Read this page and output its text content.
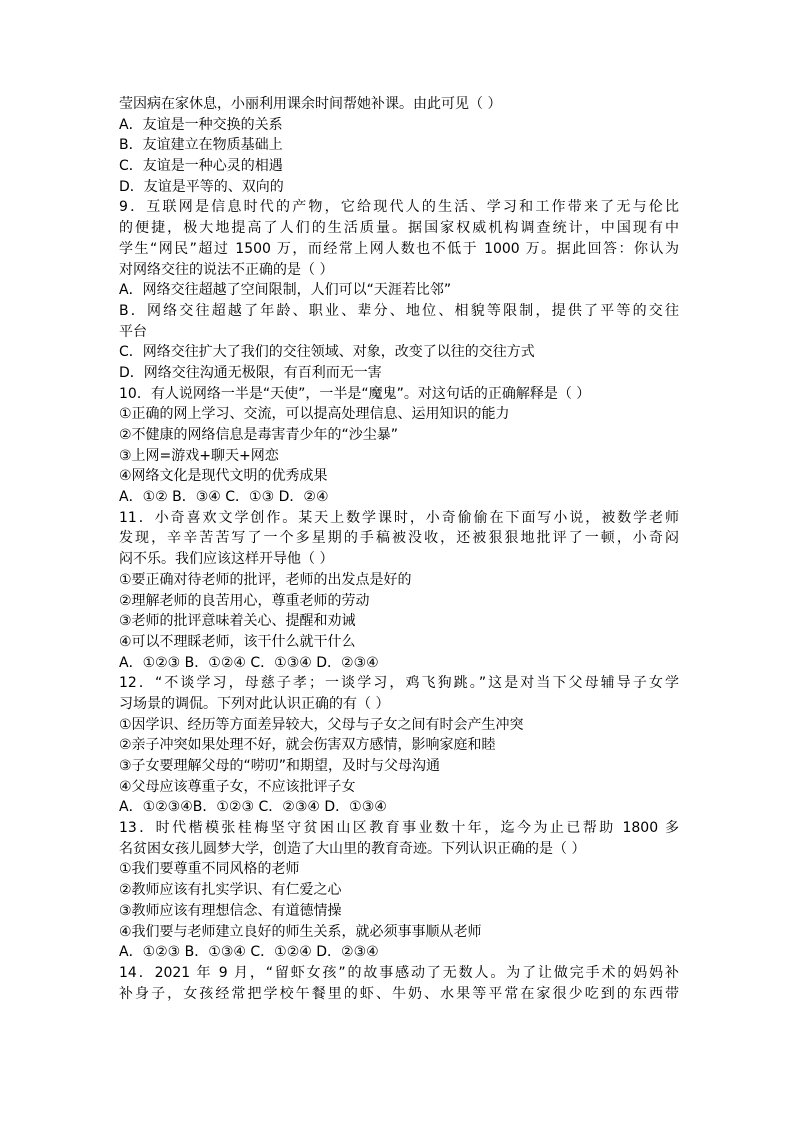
莹因病在家休息，小丽利用课余时间帮她补课。由此可见（ ）
A．友谊是一种交换的关系
B．友谊建立在物质基础上
C．友谊是一种心灵的相遇
D．友谊是平等的、双向的
9．互联网是信息时代的产物，它给现代人的生活、学习和工作带来了无与伦比
的便捷，极大地提高了人们的生活质量。据国家权威机构调查统计，中国现有中
学生“网民”超过 1500 万，而经常上网人数也不低于 1000 万。据此回答：你认为
对网络交往的说法不正确的是（ ）
A．网络交往超越了空间限制，人们可以“天涯若比邻”
B．网络交往超越了年龄、职业、辈分、地位、相貌等限制，提供了平等的交往
平台
C．网络交往扩大了我们的交往领域、对象，改变了以往的交往方式
D．网络交往沟通无极限，有百利而无一害
10．有人说网络一半是“天使”，一半是“魔鬼”。对这句话的正确解释是（ ）
①正确的网上学习、交流，可以提高处理信息、运用知识的能力
②不健康的网络信息是毒害青少年的“沙尘暴”
③上网=游戏+聊天+网恋
④网络文化是现代文明的优秀成果
A．①② B．③④ C．①③ D．②④
11．小奇喜欢文学创作。某天上数学课时，小奇偷偷在下面写小说，被数学老师
发现，辛辛苦苦写了一个多星期的手稿被没收，还被狠狠地批评了一顿，小奇闷
闷不乐。我们应该这样开导他（ ）
①要正确对待老师的批评，老师的出发点是好的
②理解老师的良苦用心，尊重老师的劳动
③老师的批评意味着关心、提醒和劝诫
④可以不理睬老师，该干什么就干什么
A．①②③ B．①②④ C．①③④ D．②③④
12．“不谈学习，母慈子孝；一谈学习，鸡飞狗跳。”这是对当下父母辅导子女学
习场景的调侃。下列对此认识正确的有（ ）
①因学识、经历等方面差异较大，父母与子女之间有时会产生冲突
②亲子冲突如果处理不好，就会伤害双方感情，影响家庭和睦
③子女要理解父母的“唠叨”和期望，及时与父母沟通
④父母应该尊重子女，不应该批评子女
A．①②③④B．①②③ C．②③④ D．①③④
13．时代楷模张桂梅坚守贫困山区教育事业数十年，迄今为止已帮助 1800 多
名贫困女孩儿圆梦大学，创造了大山里的教育奇迹。下列认识正确的是（ ）
①我们要尊重不同风格的老师
②教师应该有扎实学识、有仁爱之心
③教师应该有理想信念、有道德情操
④我们要与老师建立良好的师生关系，就必须事事顺从老师
A．①②③ B．①③④ C．①②④ D．②③④
14．2021 年 9 月，“留虾女孩”的故事感动了无数人。为了让做完手术的妈妈补
补身子，女孩经常把学校午餐里的虾、牛奶、水果等平常在家很少吃到的东西带
